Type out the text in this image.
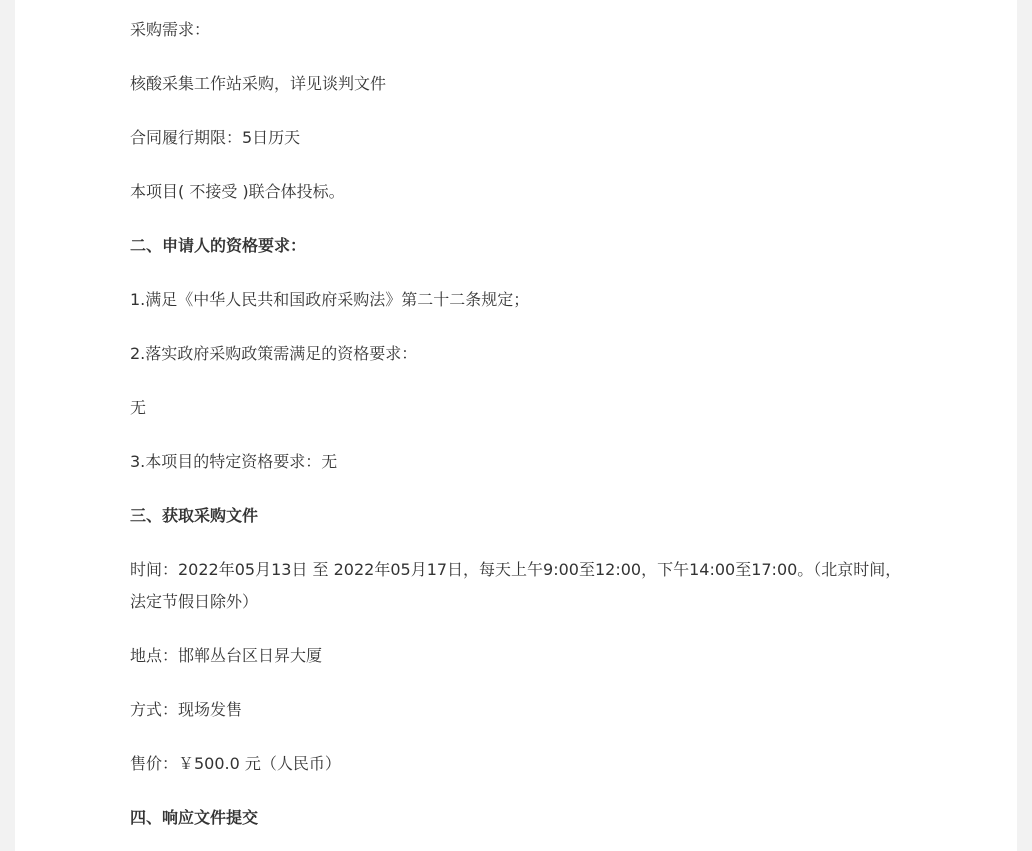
采购需求：

核酸采集工作站采购，详见谈判文件

合同履行期限：5日历天

本项目( 不接受 )联合体投标。

二、申请人的资格要求：

1.满足《中华人民共和国政府采购法》第二十二条规定；

2.落实政府采购政策需满足的资格要求：

无

3.本项目的特定资格要求：无

三、获取采购文件

时间：2022年05月13日 至 2022年05月17日，每天上午9:00至12:00，下午14:00至17:00。（北京时间，法定节假日除外）

地点：邯郸丛台区日昇大厦

方式：现场发售

售价：￥500.0 元（人民币）

四、响应文件提交
